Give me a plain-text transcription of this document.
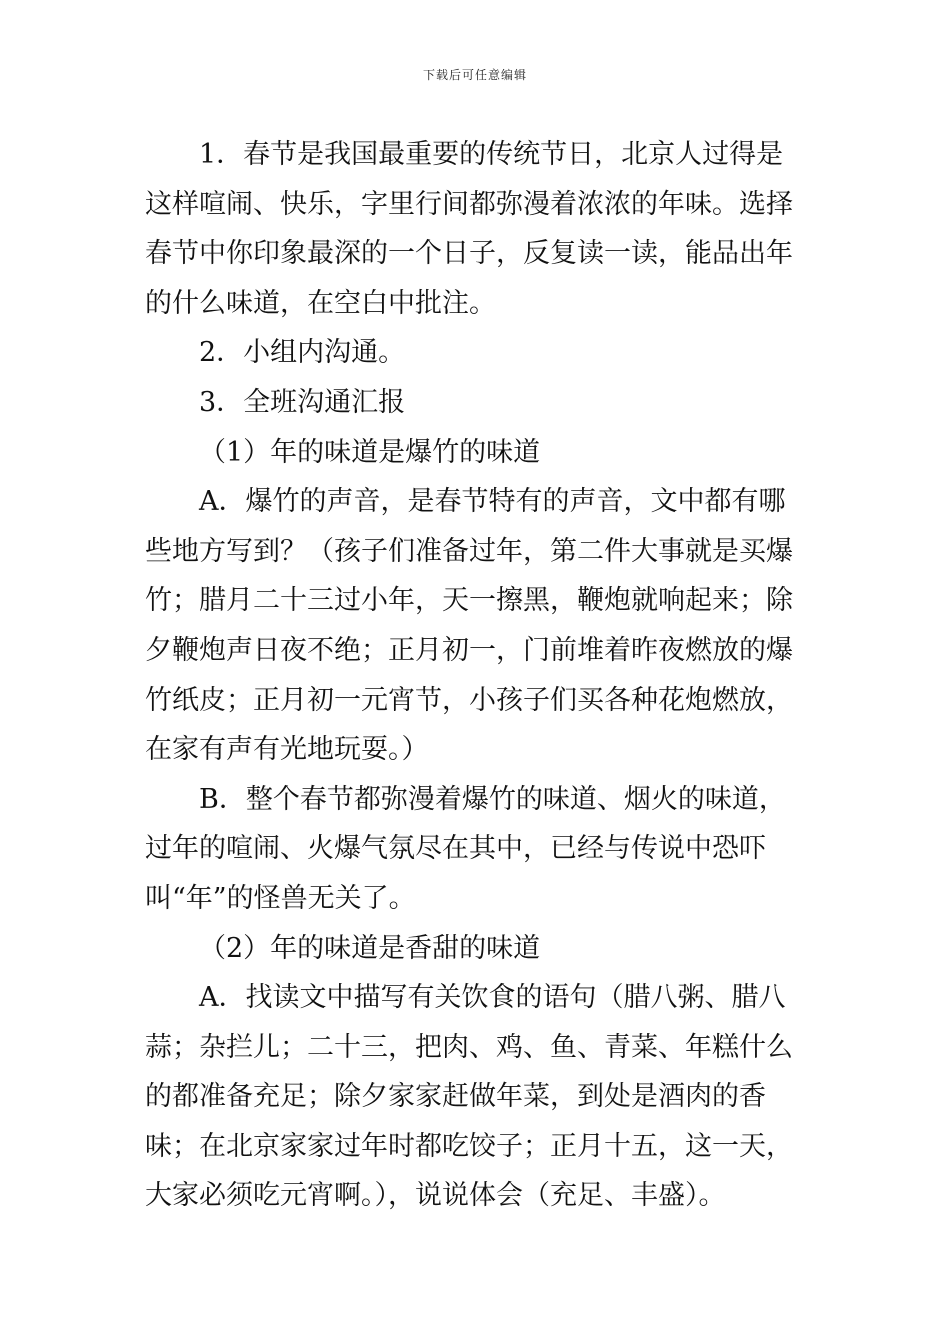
下载后可任意编辑

1．春节是我国最重要的传统节日，北京人过得是这样喧闹、快乐，字里行间都弥漫着浓浓的年味。选择春节中你印象最深的一个日子，反复读一读，能品出年的什么味道，在空白中批注。

2．小组内沟通。

3．全班沟通汇报

（1）年的味道是爆竹的味道

A．爆竹的声音，是春节特有的声音，文中都有哪些地方写到？（孩子们准备过年，第二件大事就是买爆竹；腊月二十三过小年，天一擦黑，鞭炮就响起来；除夕鞭炮声日夜不绝；正月初一，门前堆着昨夜燃放的爆竹纸皮；正月初一元宵节，小孩子们买各种花炮燃放，在家有声有光地玩耍。）

B．整个春节都弥漫着爆竹的味道、烟火的味道，过年的喧闹、火爆气氛尽在其中，已经与传说中恐吓叫“年”的怪兽无关了。

（2）年的味道是香甜的味道

A．找读文中描写有关饮食的语句（腊八粥、腊八蒜；杂拦儿；二十三，把肉、鸡、鱼、青菜、年糕什么的都准备充足；除夕家家赶做年菜，到处是酒肉的香味；在北京家家过年时都吃饺子；正月十五，这一天，大家必须吃元宵啊。），说说体会（充足、丰盛）。
